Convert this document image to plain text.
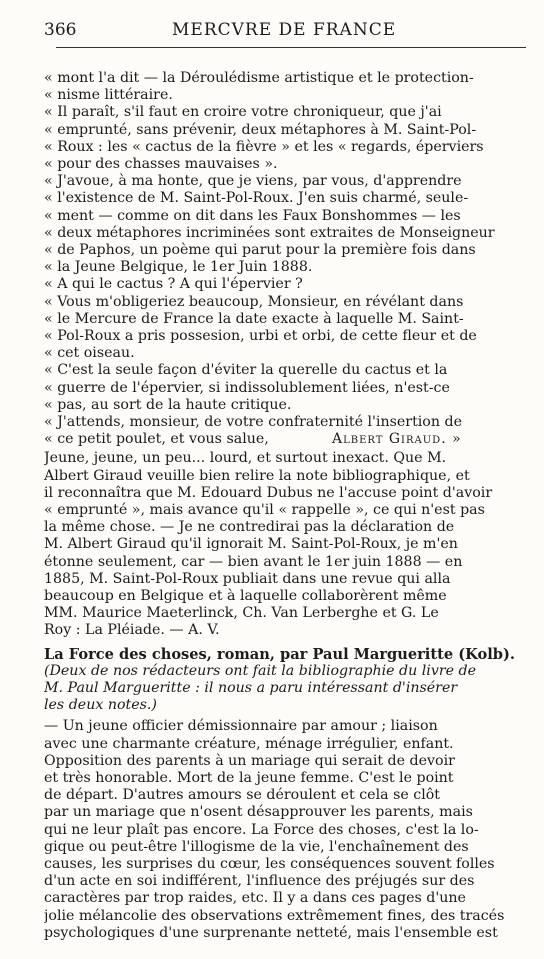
366	MERCVRE DE FRANCE
« mont l'a dit — la Déroulédisme artistique et le protection-
« nisme littéraire.
« Il paraît, s'il faut en croire votre chroniqueur, que j'ai
« emprunté, sans prévenir, deux métaphores à M. Saint-Pol-
« Roux : les « cactus de la fièvre » et les « regards, éperviers
« pour des chasses mauvaises ».
« J'avoue, à ma honte, que je viens, par vous, d'apprendre
« l'existence de M. Saint-Pol-Roux. J'en suis charmé, seule-
« ment — comme on dit dans les Faux Bonshommes — les
« deux métaphores incriminées sont extraites de Monseigneur
« de Paphos, un poème qui parut pour la première fois dans
« la Jeune Belgique, le 1er Juin 1888.
« A qui le cactus ? A qui l'épervier ?
« Vous m'obligeriez beaucoup, Monsieur, en révélant dans
« le Mercure de France la date exacte à laquelle M. Saint-
« Pol-Roux a pris possesion, urbi et orbi, de cette fleur et de
« cet oiseau.
« C'est la seule façon d'éviter la querelle du cactus et la
« guerre de l'épervier, si indissolublement liées, n'est-ce
« pas, au sort de la haute critique.
« J'attends, monsieur, de votre confraternité l'insertion de
« ce petit poulet, et vous salue,	Albert Giraud. »
Jeune, jeune, un peu... lourd, et surtout inexact. Que M.
Albert Giraud veuille bien relire la note bibliographique, et
il reconnaîtra que M. Edouard Dubus ne l'accuse point d'avoir
« emprunté », mais avance qu'il « rappelle », ce qui n'est pas
la même chose. — Je ne contredirai pas la déclaration de
M. Albert Giraud qu'il ignorait M. Saint-Pol-Roux, je m'en
étonne seulement, car — bien avant le 1er juin 1888 — en
1885, M. Saint-Pol-Roux publiait dans une revue qui alla
beaucoup en Belgique et à laquelle collaborèrent même
MM. Maurice Maeterlinck, Ch. Van Lerberghe et G. Le
Roy : La Pléiade. — A. V.
La Force des choses, roman, par Paul Margueritte (Kolb).
(Deux de nos rédacteurs ont fait la bibliographie du livre de
M. Paul Margueritte : il nous a paru intéressant d'insérer
les deux notes.)
— Un jeune officier démissionnaire par amour ; liaison
avec une charmante créature, ménage irrégulier, enfant.
Opposition des parents à un mariage qui serait de devoir
et très honorable. Mort de la jeune femme. C'est le point
de départ. D'autres amours se déroulent et cela se clôt
par un mariage que n'osent désapprouver les parents, mais
qui ne leur plaît pas encore. La Force des choses, c'est la lo-
gique ou peut-être l'illogisme de la vie, l'enchaînement des
causes, les surprises du cœur, les conséquences souvent folles
d'un acte en soi indifférent, l'influence des préjugés sur des
caractères par trop raides, etc. Il y a dans ces pages d'une
jolie mélancolie des observations extrêmement fines, des tracés
psychologiques d'une surprenante netteté, mais l'ensemble est
